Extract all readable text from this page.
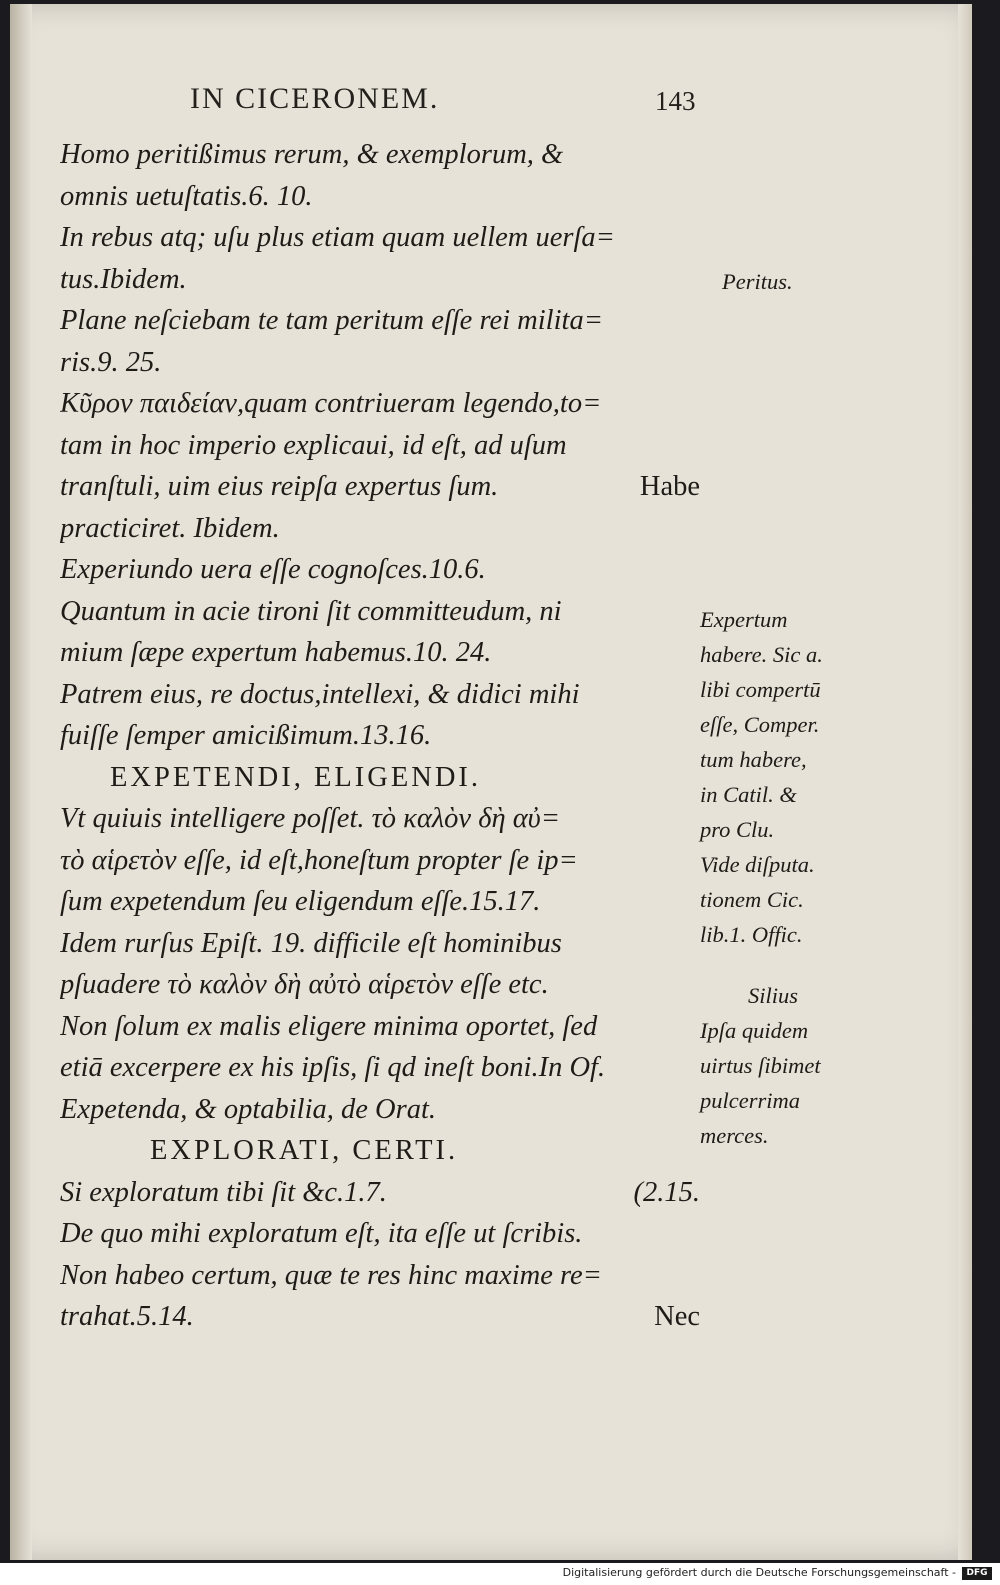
IN CICERONEM.	143
Homo peritißimus rerum, & exemplorum, &
omnis uetuſtatis.6. 10.
In rebus atq; uſu plus etiam quam uellem uerſa=
tus.Ibidem.
Plane neſciebam te tam peritum eſſe rei milita=
ris.9. 25.
Κῦρον παιδείαν,quam contriueram legendo,to=
tam in hoc imperio explicaui, id eſt, ad uſum
tranſtuli, uim eius reipſa expertus ſum.	Habe
practiciret. Ibidem.
Experiundo uera eſſe cognoſces.10.6.
Quantum in acie tironi ſit committeudum, ni
mium ſæpe expertum habemus.10. 24.
Patrem eius, re doctus,intellexi, & didici mihi
fuiſſe ſemper amicißimum.13.16.
EXPETENDI, ELIGENDI.
Vt quiuis intelligere poſſet. τὸ καλὸν δὴ αὐ=
τὸ αἱρετὸν eſſe, id eſt,honeſtum propter ſe ip=
ſum expetendum ſeu eligendum eſſe.15.17.
Idem rurſus Epiſt. 19. difficile eſt hominibus
pſuadere τὸ καλὸν δὴ αὐτὸ αἱρετὸν eſſe etc.
Non ſolum ex malis eligere minima oportet, ſed
etiā excerpere ex his ipſis, ſi qd ineſt boni.In Of.
Expetenda, & optabilia, de Orat.
EXPLORATI, CERTI.
Si exploratum tibi ſit &c.1.7.	(2.15.
De quo mihi exploratum eſt, ita eſſe ut ſcribis.
Non habeo certum, quæ te res hinc maxime re=
trahat.5.14.	Nec
Peritus.
Expertum
habere. Sic a.
libi compertū
eſſe, Comper.
tum habere,
in Catil. &
pro Clu.
Vide diſputa.
tionem Cic.
lib.1. Offic.
Silius
Ipſa quidem
uirtus ſibimet
pulcerrima
merces.
Digitalisierung gefördert durch die Deutsche Forschungsgemeinschaft -	DFG
